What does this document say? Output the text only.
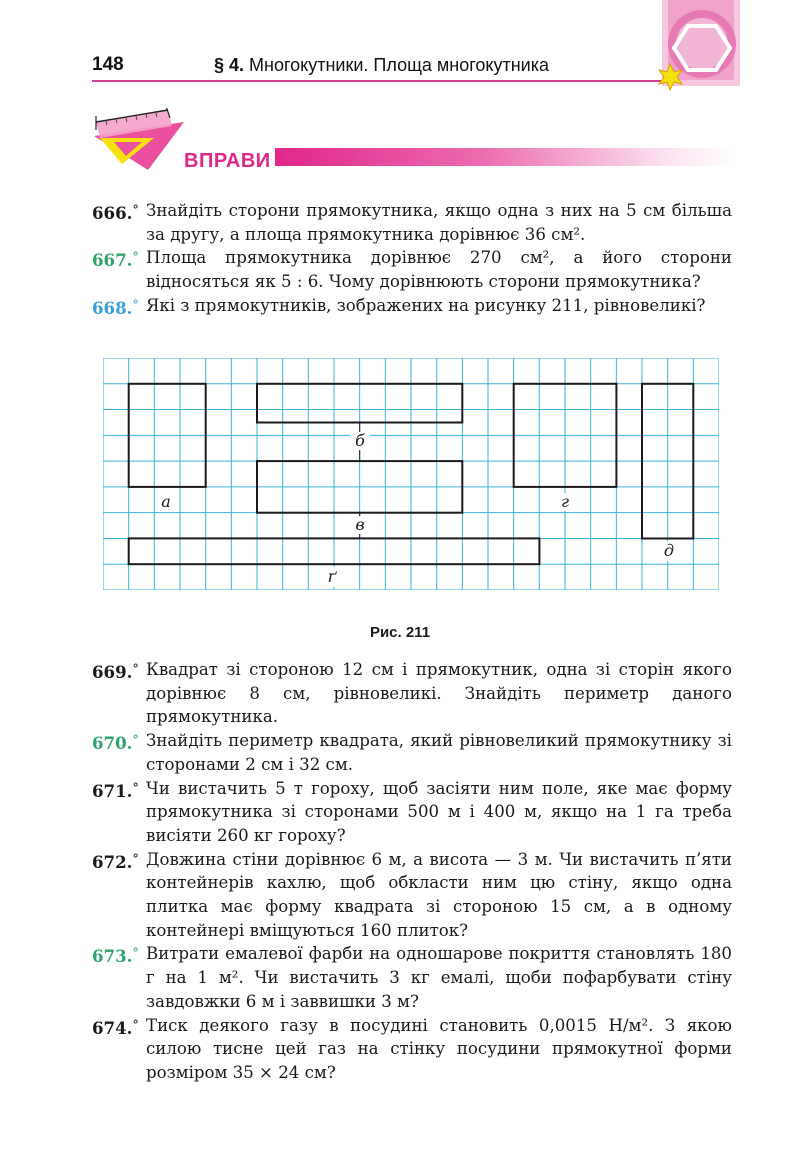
148	§ 4. Многокутники. Площа многокутника
ВПРАВИ
666.° Знайдіть сторони прямокутника, якщо одна з них на 5 см більша за другу, а площа прямокутника дорівнює 36 см².
667.° Площа прямокутника дорівнює 270 см², а його сторони відносяться як 5 : 6. Чому дорівнюють сторони прямокутника?
668.° Які з прямокутників, зображених на рисунку 211, рівновеликі?
а
б
в
г
ґ
д
Рис. 211
669.° Квадрат зі стороною 12 см і прямокутник, одна зі сторін якого дорівнює 8 см, рівновеликі. Знайдіть периметр даного прямокутника.
670.° Знайдіть периметр квадрата, який рівновеликий прямокутнику зі сторонами 2 см і 32 см.
671.° Чи вистачить 5 т гороху, щоб засіяти ним поле, яке має форму прямокутника зі сторонами 500 м і 400 м, якщо на 1 га треба висіяти 260 кг гороху?
672.° Довжина стіни дорівнює 6 м, а висота — 3 м. Чи вистачить п’яти контейнерів кахлю, щоб обкласти ним цю стіну, якщо одна плитка має форму квадрата зі стороною 15 см, а в одному контейнері вміщуються 160 плиток?
673.° Витрати емалевої фарби на одношарове покриття становлять 180 г на 1 м². Чи вистачить 3 кг емалі, щоби пофарбувати стіну завдовжки 6 м і заввишки 3 м?
674.° Тиск деякого газу в посудині становить 0,0015 Н/м². З якою силою тисне цей газ на стінку посудини прямокутної форми розміром 35 × 24 см?
